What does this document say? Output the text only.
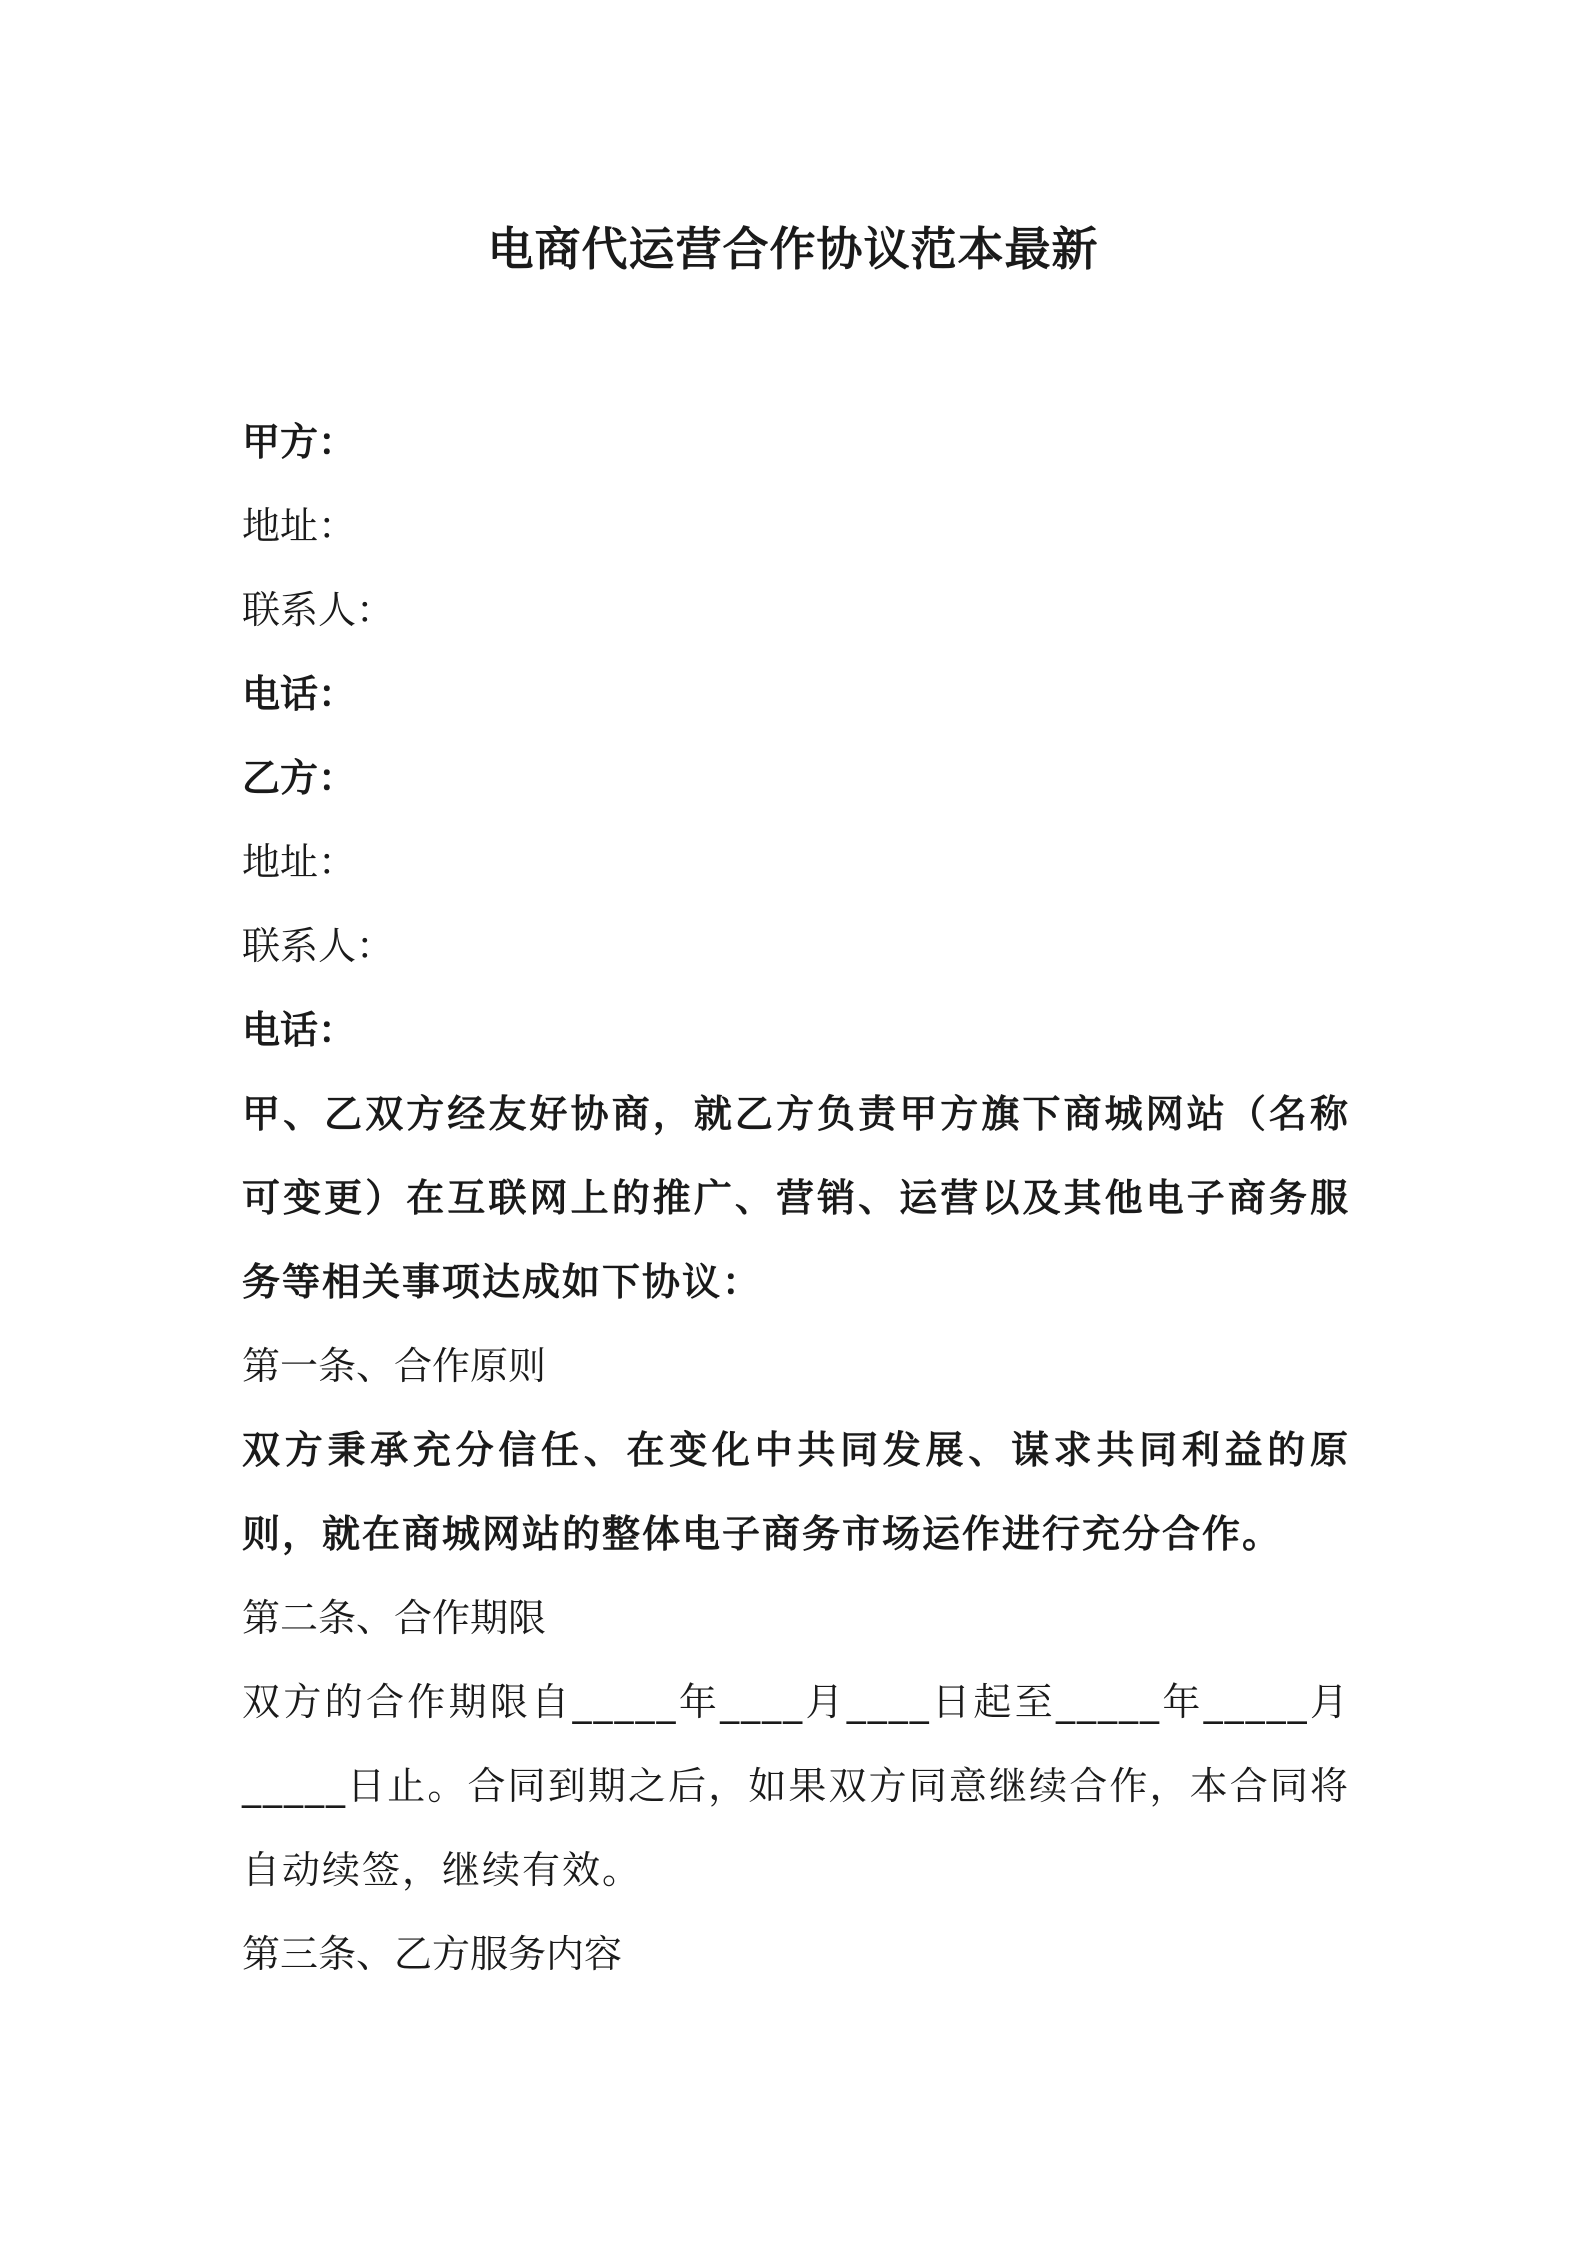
电商代运营合作协议范本最新
甲方：
地址：
联系人：
电话：
乙方：
地址：
联系人：
电话：
甲、乙双方经友好协商，就乙方负责甲方旗下商城网站（名称可变更）在互联网上的推广、营销、运营以及其他电子商务服务等相关事项达成如下协议：
第一条、合作原则
双方秉承充分信任、在变化中共同发展、谋求共同利益的原则，就在商城网站的整体电子商务市场运作进行充分合作。
第二条、合作期限
双方的合作期限自_____年____月____日起至_____年_____月_____日止。合同到期之后，如果双方同意继续合作，本合同将自动续签，继续有效。
第三条、乙方服务内容
